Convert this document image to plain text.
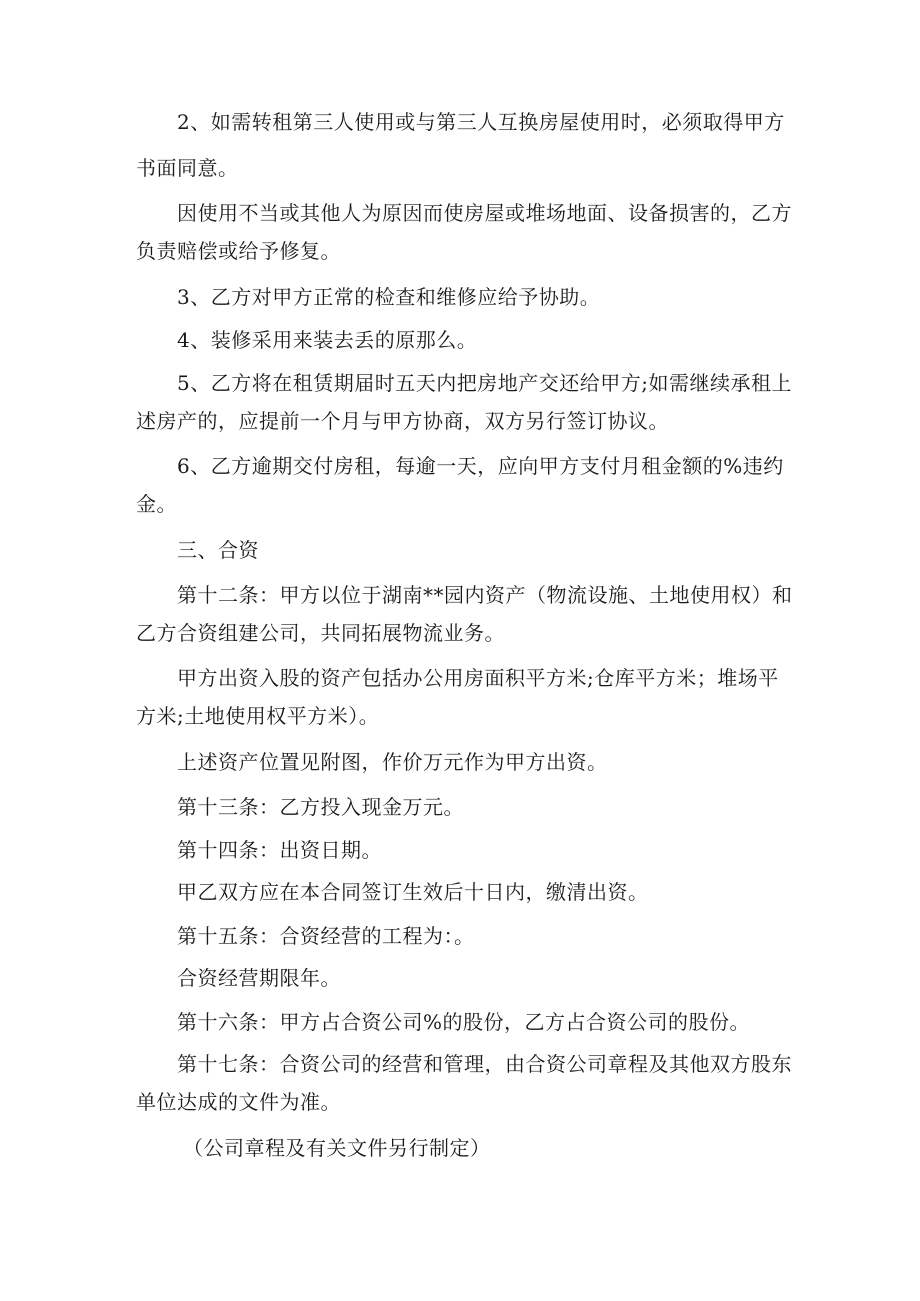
2、如需转租第三人使用或与第三人互换房屋使用时，必须取得甲方
书面同意。
因使用不当或其他人为原因而使房屋或堆场地面、设备损害的，乙方
负责赔偿或给予修复。
3、乙方对甲方正常的检查和维修应给予协助。
4、装修采用来装去丢的原那么。
5、乙方将在租赁期届时五天内把房地产交还给甲方;如需继续承租上
述房产的，应提前一个月与甲方协商，双方另行签订协议。
6、乙方逾期交付房租，每逾一天，应向甲方支付月租金额的%违约
金。
三、合资
第十二条：甲方以位于湖南**园内资产（物流设施、土地使用权）和
乙方合资组建公司，共同拓展物流业务。
甲方出资入股的资产包括办公用房面积平方米;仓库平方米；堆场平
方米;土地使用权平方米）。
上述资产位置见附图，作价万元作为甲方出资。
第十三条：乙方投入现金万元。
第十四条：出资日期。
甲乙双方应在本合同签订生效后十日内，缴清出资。
第十五条：合资经营的工程为：。
合资经营期限年。
第十六条：甲方占合资公司%的股份，乙方占合资公司的股份。
第十七条：合资公司的经营和管理，由合资公司章程及其他双方股东
单位达成的文件为准。
（公司章程及有关文件另行制定）
